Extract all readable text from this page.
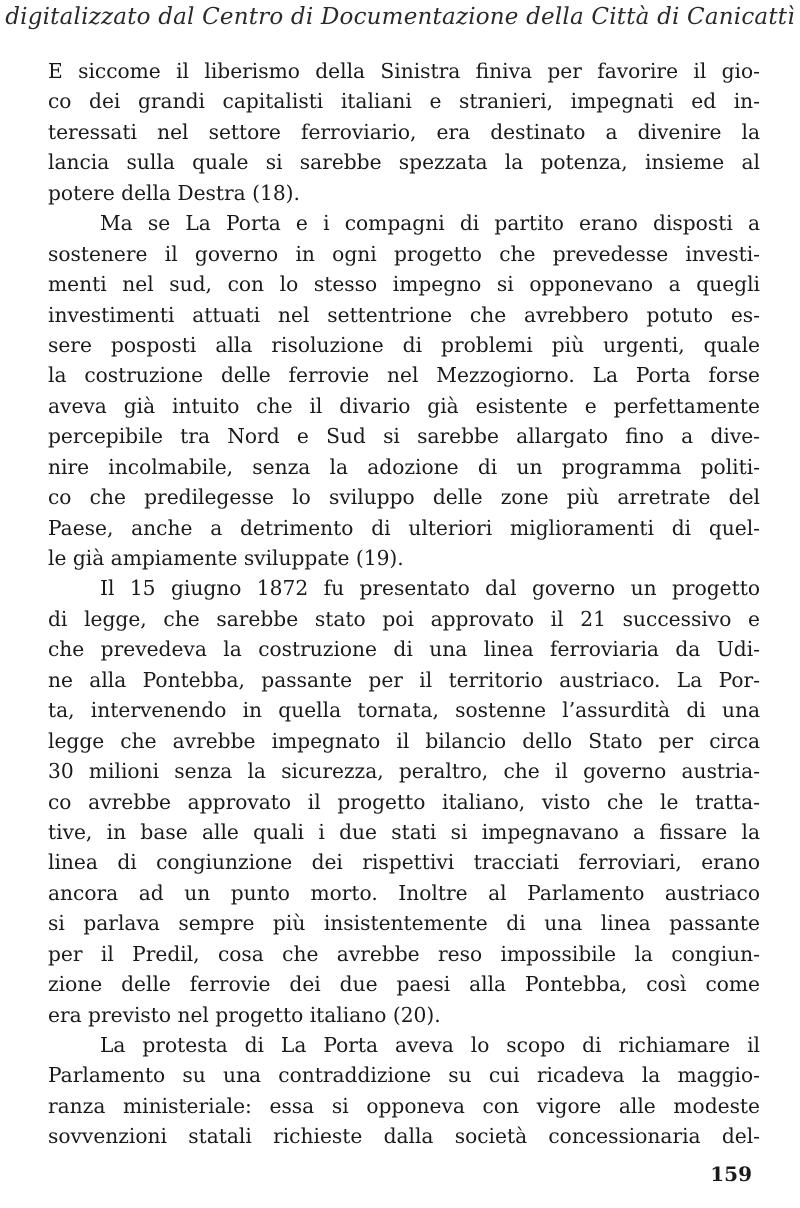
digitalizzato dal Centro di Documentazione della Città di Canicattì
E siccome il liberismo della Sinistra finiva per favorire il gio-
co dei grandi capitalisti italiani e stranieri, impegnati ed in-
teressati nel settore ferroviario, era destinato a divenire la
lancia sulla quale si sarebbe spezzata la potenza, insieme al
potere della Destra (18).
Ma se La Porta e i compagni di partito erano disposti a
sostenere il governo in ogni progetto che prevedesse investi-
menti nel sud, con lo stesso impegno si opponevano a quegli
investimenti attuati nel settentrione che avrebbero potuto es-
sere posposti alla risoluzione di problemi più urgenti, quale
la costruzione delle ferrovie nel Mezzogiorno. La Porta forse
aveva già intuito che il divario già esistente e perfettamente
percepibile tra Nord e Sud si sarebbe allargato fino a dive-
nire incolmabile, senza la adozione di un programma politi-
co che predilegesse lo sviluppo delle zone più arretrate del
Paese, anche a detrimento di ulteriori miglioramenti di quel-
le già ampiamente sviluppate (19).
Il 15 giugno 1872 fu presentato dal governo un progetto
di legge, che sarebbe stato poi approvato il 21 successivo e
che prevedeva la costruzione di una linea ferroviaria da Udi-
ne alla Pontebba, passante per il territorio austriaco. La Por-
ta, intervenendo in quella tornata, sostenne l’assurdità di una
legge che avrebbe impegnato il bilancio dello Stato per circa
30 milioni senza la sicurezza, peraltro, che il governo austria-
co avrebbe approvato il progetto italiano, visto che le tratta-
tive, in base alle quali i due stati si impegnavano a fissare la
linea di congiunzione dei rispettivi tracciati ferroviari, erano
ancora ad un punto morto. Inoltre al Parlamento austriaco
si parlava sempre più insistentemente di una linea passante
per il Predil, cosa che avrebbe reso impossibile la congiun-
zione delle ferrovie dei due paesi alla Pontebba, così come
era previsto nel progetto italiano (20).
La protesta di La Porta aveva lo scopo di richiamare il
Parlamento su una contraddizione su cui ricadeva la maggio-
ranza ministeriale: essa si opponeva con vigore alle modeste
sovvenzioni statali richieste dalla società concessionaria del-
159
